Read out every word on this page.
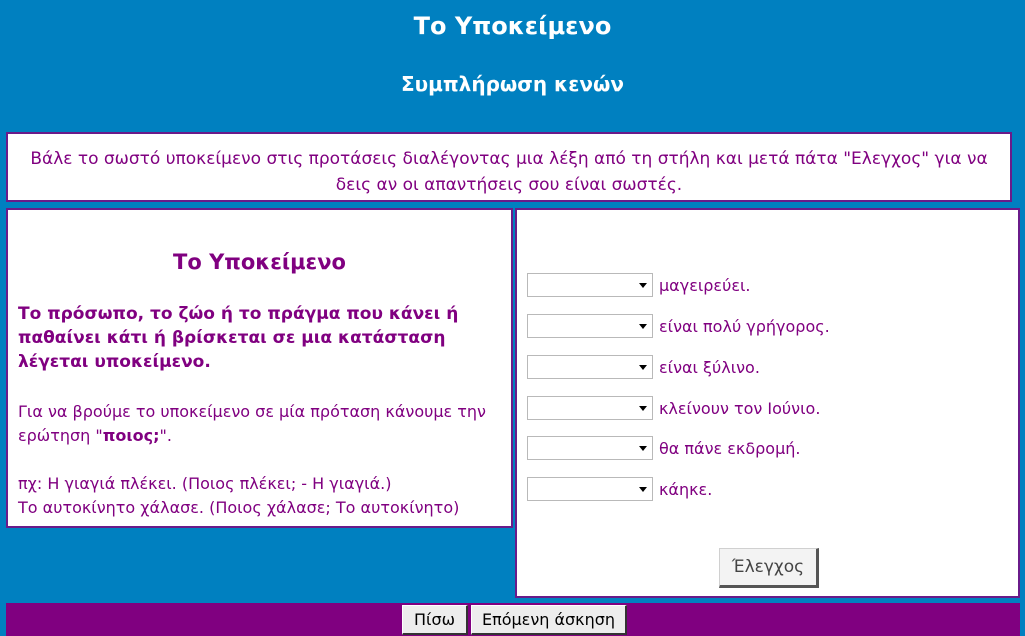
Το Υποκείμενο
Συμπλήρωση κενών
Βάλε το σωστό υποκείμενο στις προτάσεις διαλέγοντας μια λέξη από τη στήλη και μετά πάτα "Ελεγχος" για να δεις αν οι απαντήσεις σου είναι σωστές.
Το Υποκείμενο
Το πρόσωπο, το ζώο ή το πράγμα που κάνει ή παθαίνει κάτι ή βρίσκεται σε μια κατάσταση λέγεται υποκείμενο.
Για να βρούμε το υποκείμενο σε μία πρόταση κάνουμε την ερώτηση "ποιος;".
πχ: Η γιαγιά πλέκει. (Ποιος πλέκει; - Η γιαγιά.)
Το αυτοκίνητο χάλασε. (Ποιος χάλασε; Το αυτοκίνητο)
μαγειρεύει.
είναι πολύ γρήγορος.
είναι ξύλινο.
κλείνουν τον Ιούνιο.
θα πάνε εκδρομή.
κάηκε.
Έλεγχος
Πίσω	Επόμενη άσκηση
